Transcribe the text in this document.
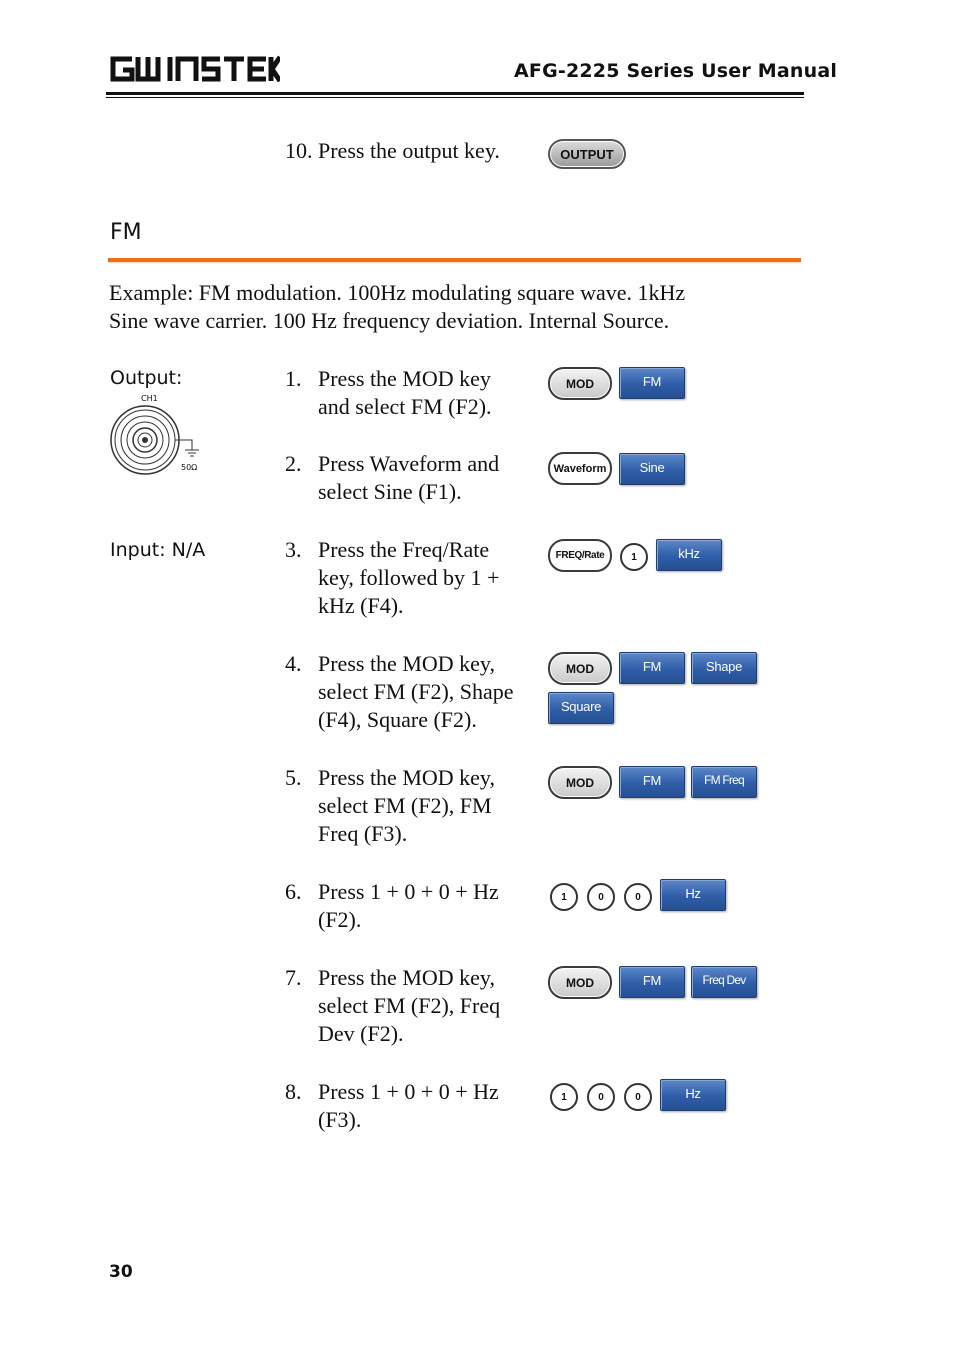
AFG-2225 Series User Manual
10. Press the output key.	OUTPUT
FM
Example: FM modulation. 100Hz modulating square wave. 1kHz
Sine wave carrier. 100 Hz frequency deviation. Internal Source.
Output:
CH1
50Ω
Input: N/A
1. Press the MOD key
and select FM (F2).
MOD	FM
2. Press Waveform and
select Sine (F1).
Waveform	Sine
3. Press the Freq/Rate
key, followed by 1 +
kHz (F4).
FREQ/Rate	1	kHz
4. Press the MOD key,
select FM (F2), Shape
(F4), Square (F2).
MOD	FM	Shape
Square
5. Press the MOD key,
select FM (F2), FM
Freq (F3).
MOD	FM	FM Freq
6. Press 1 + 0 + 0 + Hz
(F2).
1	0	0	Hz
7. Press the MOD key,
select FM (F2), Freq
Dev (F2).
MOD	FM	Freq Dev
8. Press 1 + 0 + 0 + Hz
(F3).
1	0	0	Hz
30
